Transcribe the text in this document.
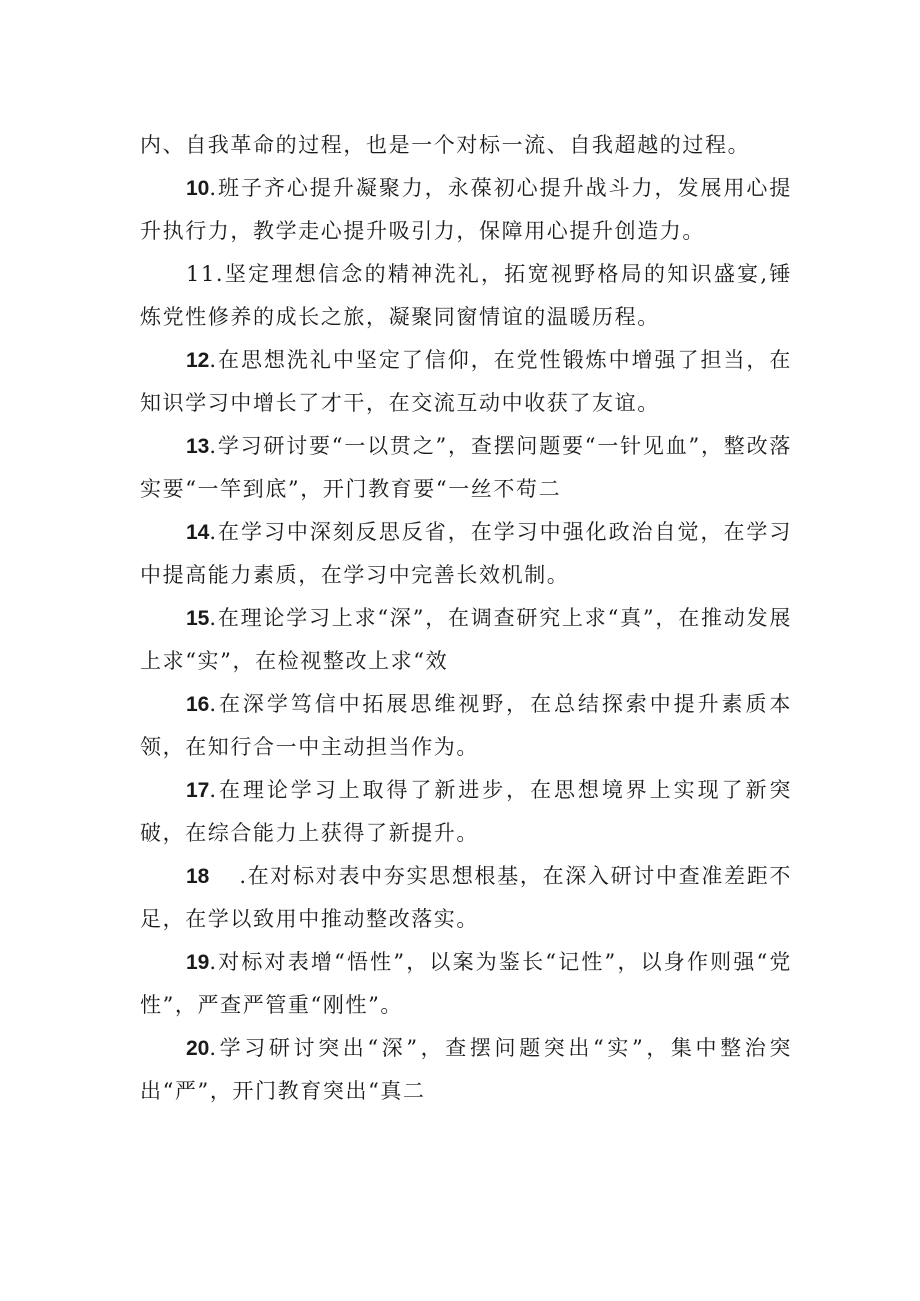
内、自我革命的过程，也是一个对标一流、自我超越的过程。

10.班子齐心提升凝聚力，永葆初心提升战斗力，发展用心提升执行力，教学走心提升吸引力，保障用心提升创造力。

11.坚定理想信念的精神洗礼，拓宽视野格局的知识盛宴,锤炼党性修养的成长之旅，凝聚同窗情谊的温暖历程。

12.在思想洗礼中坚定了信仰，在党性锻炼中增强了担当，在知识学习中增长了才干，在交流互动中收获了友谊。

13.学习研讨要“一以贯之”，查摆问题要“一针见血”，整改落实要“一竿到底”，开门教育要“一丝不苟二

14.在学习中深刻反思反省，在学习中强化政治自觉，在学习中提高能力素质，在学习中完善长效机制。

15.在理论学习上求“深”，在调查研究上求“真”，在推动发展上求“实”，在检视整改上求“效

16.在深学笃信中拓展思维视野，在总结探索中提升素质本领，在知行合一中主动担当作为。

17.在理论学习上取得了新进步，在思想境界上实现了新突破，在综合能力上获得了新提升。

18 .在对标对表中夯实思想根基，在深入研讨中查准差距不足，在学以致用中推动整改落实。

19.对标对表增“悟性”，以案为鉴长“记性”，以身作则强“党性”，严查严管重“刚性”。

20.学习研讨突出“深”，查摆问题突出“实”，集中整治突出“严”，开门教育突出“真二
